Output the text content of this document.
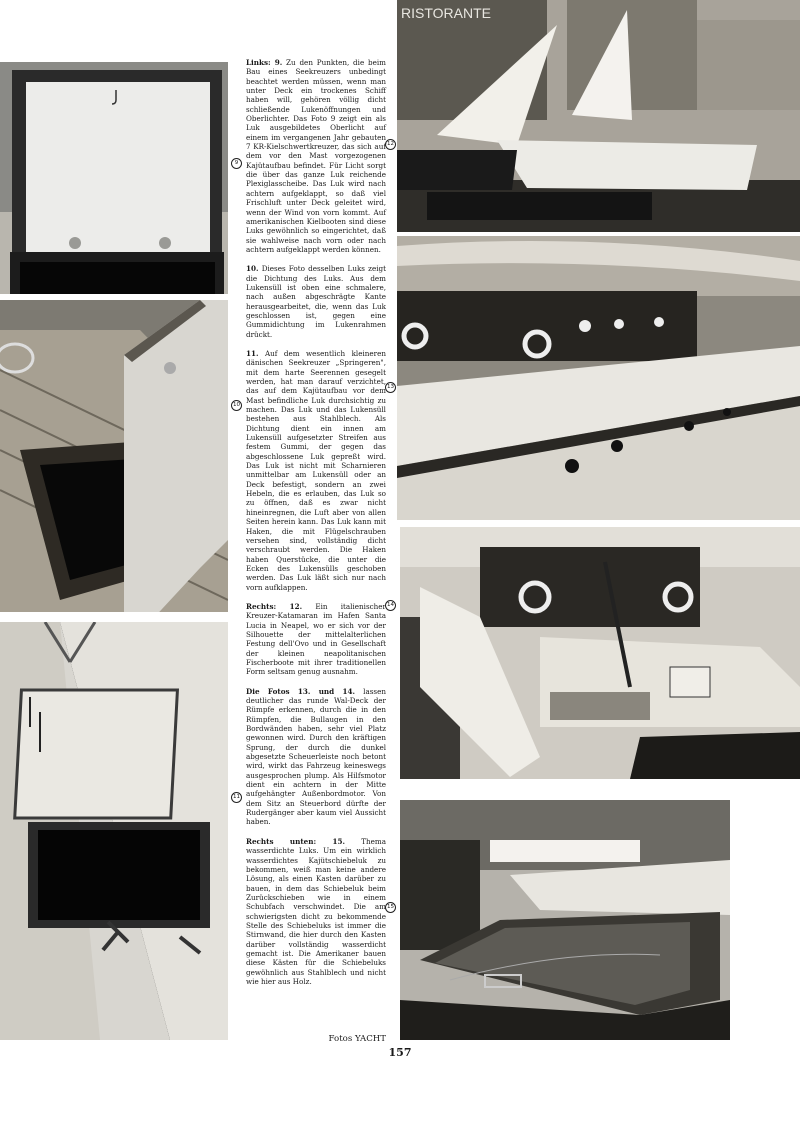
RISTORANTE
9
10
11
12
13
14
15

Links: 9. Zu den Punkten, die beim Bau eines Seekreuzers unbedingt beachtet werden müssen, wenn man unter Deck ein trockenes Schiff haben will, gehören völlig dicht schließende Lukenöffnungen und Oberlichter. Das Foto 9 zeigt ein als Luk ausgebildetes Oberlicht auf einem im vergangenen Jahr gebauten 7 KR-Kielschwertkreuzer, das sich auf dem vor den Mast vorgezogenen Kajütaufbau befindet. Für Licht sorgt die über das ganze Luk reichende Plexiglasscheibe. Das Luk wird nach achtern aufgeklappt, so daß viel Frischluft unter Deck geleitet wird, wenn der Wind von vorn kommt. Auf amerikanischen Kielbooten sind diese Luks gewöhnlich so eingerichtet, daß sie wahlweise nach vorn oder nach achtern aufgeklappt werden können.

10. Dieses Foto desselben Luks zeigt die Dichtung des Luks. Aus dem Lukensüll ist oben eine schmalere, nach außen abgeschrägte Kante herausgearbeitet, die, wenn das Luk geschlossen ist, gegen eine Gummidichtung im Lukenrahmen drückt.

11. Auf dem wesentlich kleineren dänischen Seekreuzer „Springeren", mit dem harte Seerennen gesegelt werden, hat man darauf verzichtet, das auf dem Kajütaufbau vor dem Mast befindliche Luk durchsichtig zu machen. Das Luk und das Lukensüll bestehen aus Stahlblech. Als Dichtung dient ein innen am Lukensüll aufgesetzter Streifen aus festem Gummi, der gegen das abgeschlossene Luk gepreßt wird. Das Luk ist nicht mit Scharnieren unmittelbar am Lukensüll oder an Deck befestigt, sondern an zwei Hebeln, die es erlauben, das Luk so zu öffnen, daß es zwar nicht hineinregnen, die Luft aber von allen Seiten herein kann. Das Luk kann mit Haken, die mit Flügelschrauben versehen sind, vollständig dicht verschraubt werden. Die Haken haben Querstücke, die unter die Ecken des Lukensülls geschoben werden. Das Luk läßt sich nur nach vorn aufklappen.

Rechts: 12. Ein italienischer Kreuzer-Katamaran im Hafen Santa Lucia in Neapel, wo er sich vor der Silhouette der mittelalterlichen Festung dell'Ovo und in Gesellschaft der kleinen neapolitanischen Fischerboote mit ihrer traditionellen Form seltsam genug ausnahm.

Die Fotos 13. und 14. lassen deutlicher das runde Wal-Deck der Rümpfe erkennen, durch die in den Rümpfen, die Bullaugen in den Bordwänden haben, sehr viel Platz gewonnen wird. Durch den kräftigen Sprung, der durch die dunkel abgesetzte Scheuerleiste noch betont wird, wirkt das Fahrzeug keineswegs ausgesprochen plump. Als Hilfsmotor dient ein achtern in der Mitte aufgehängter Außenbordmotor. Von dem Sitz an Steuerbord dürfte der Rudergänger aber kaum viel Aussicht haben.

Rechts unten: 15. Thema wasserdichte Luks. Um ein wirklich wasserdichtes Kajütschiebeluk zu bekommen, weiß man keine andere Lösung, als einen Kasten darüber zu bauen, in dem das Schiebeluk beim Zurückschieben wie in einem Schubfach verschwindet. Die am schwierigsten dicht zu bekommende Stelle des Schiebeluks ist immer die Stirnwand, die hier durch den Kasten darüber vollständig wasserdicht gemacht ist. Die Amerikaner bauen diese Kästen für die Schiebeluks gewöhnlich aus Stahlblech und nicht wie hier aus Holz.

Fotos YACHT
157
